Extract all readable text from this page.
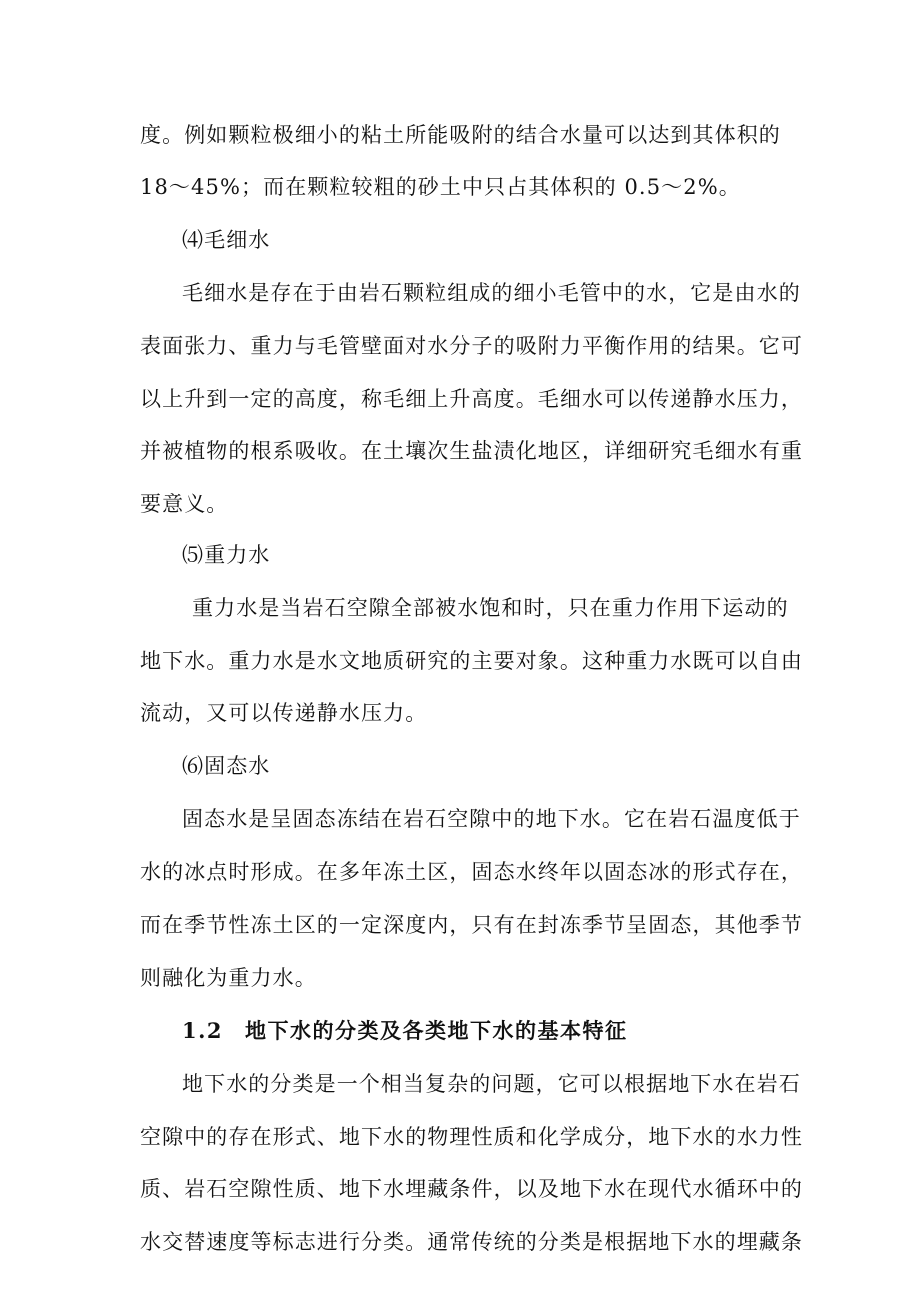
度。例如颗粒极细小的粘土所能吸附的结合水量可以达到其体积的
18～45%；而在颗粒较粗的砂土中只占其体积的 0.5～2%。
⑷毛细水
毛细水是存在于由岩石颗粒组成的细小毛管中的水，它是由水的
表面张力、重力与毛管壁面对水分子的吸附力平衡作用的结果。它可
以上升到一定的高度，称毛细上升高度。毛细水可以传递静水压力，
并被植物的根系吸收。在土壤次生盐渍化地区，详细研究毛细水有重
要意义。
⑸重力水
重力水是当岩石空隙全部被水饱和时，只在重力作用下运动的
地下水。重力水是水文地质研究的主要对象。这种重力水既可以自由
流动，又可以传递静水压力。
⑹固态水
固态水是呈固态冻结在岩石空隙中的地下水。它在岩石温度低于
水的冰点时形成。在多年冻土区，固态水终年以固态冰的形式存在，
而在季节性冻土区的一定深度内，只有在封冻季节呈固态，其他季节
则融化为重力水。
1.2 地下水的分类及各类地下水的基本特征
地下水的分类是一个相当复杂的问题，它可以根据地下水在岩石
空隙中的存在形式、地下水的物理性质和化学成分，地下水的水力性
质、岩石空隙性质、地下水埋藏条件，以及地下水在现代水循环中的
水交替速度等标志进行分类。通常传统的分类是根据地下水的埋藏条
